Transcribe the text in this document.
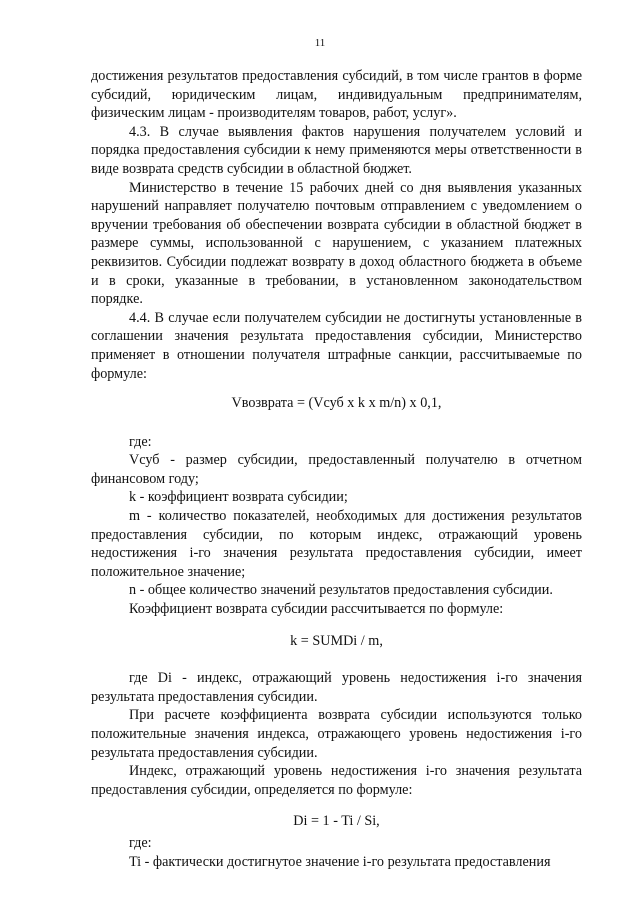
11

достижения результатов предоставления субсидий, в том числе грантов в форме субсидий, юридическим лицам, индивидуальным предпринимателям, физическим лицам - производителям товаров, работ, услуг».

4.3. В случае выявления фактов нарушения получателем условий и порядка предоставления субсидии к нему применяются меры ответственности в виде возврата средств субсидии в областной бюджет.

Министерство в течение 15 рабочих дней со дня выявления указанных нарушений направляет получателю почтовым отправлением с уведомлением о вручении требования об обеспечении возврата субсидии в областной бюджет в размере суммы, использованной с нарушением, с указанием платежных реквизитов. Субсидии подлежат возврату в доход областного бюджета в объеме и в сроки, указанные в требовании, в установленном законодательством порядке.

4.4. В случае если получателем субсидии не достигнуты установленные в соглашении значения результата предоставления субсидии, Министерство применяет в отношении получателя штрафные санкции, рассчитываемые по формуле:

Vвозврата = (Vсуб x k x m/n) x 0,1,

где:

Vсуб - размер субсидии, предоставленный получателю в отчетном финансовом году;

k - коэффициент возврата субсидии;

m - количество показателей, необходимых для достижения результатов предоставления субсидии, по которым индекс, отражающий уровень недостижения i-го значения результата предоставления субсидии, имеет положительное значение;

n - общее количество значений результатов предоставления субсидии.

Коэффициент возврата субсидии рассчитывается по формуле:

k = SUMDi / m,

где Di - индекс, отражающий уровень недостижения i-го значения результата предоставления субсидии.

При расчете коэффициента возврата субсидии используются только положительные значения индекса, отражающего уровень недостижения i-го результата предоставления субсидии.

Индекс, отражающий уровень недостижения i-го значения результата предоставления субсидии, определяется по формуле:

Di = 1 - Ti / Si,

где:

Ti - фактически достигнутое значение i-го результата предоставления
